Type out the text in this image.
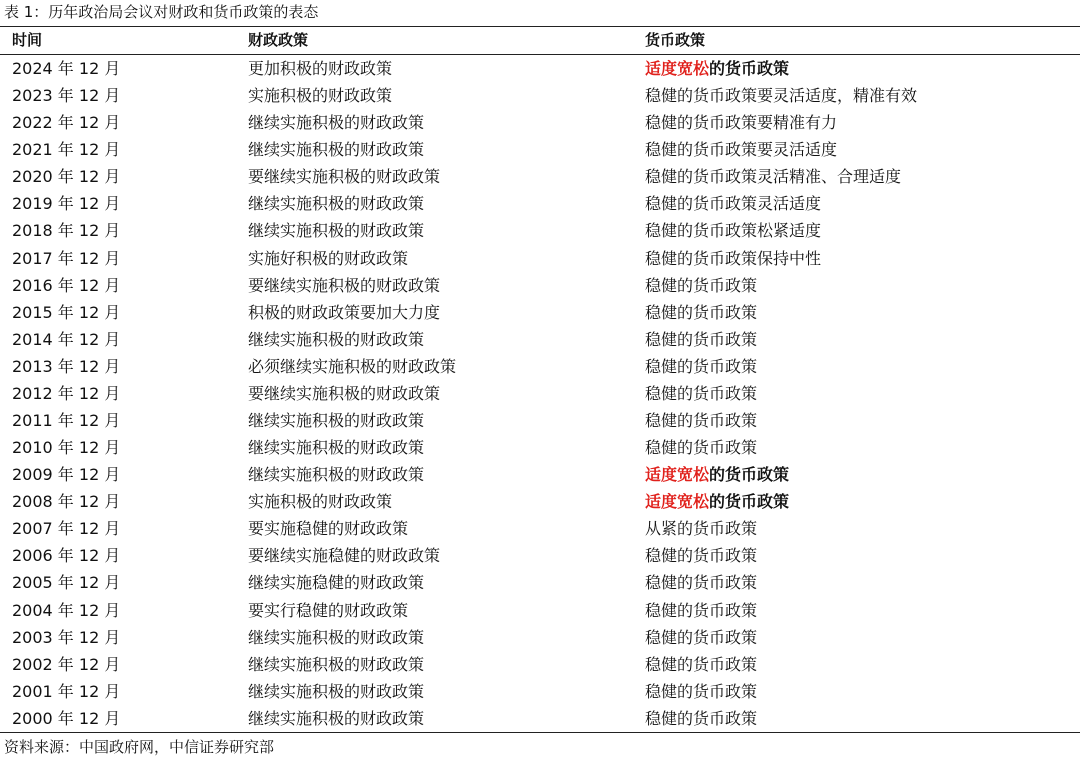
表 1：历年政治局会议对财政和货币政策的表态
时间	财政政策	货币政策
2024 年 12 月	更加积极的财政政策	适度宽松的货币政策
2023 年 12 月	实施积极的财政政策	稳健的货币政策要灵活适度，精准有效
2022 年 12 月	继续实施积极的财政政策	稳健的货币政策要精准有力
2021 年 12 月	继续实施积极的财政政策	稳健的货币政策要灵活适度
2020 年 12 月	要继续实施积极的财政政策	稳健的货币政策灵活精准、合理适度
2019 年 12 月	继续实施积极的财政政策	稳健的货币政策灵活适度
2018 年 12 月	继续实施积极的财政政策	稳健的货币政策松紧适度
2017 年 12 月	实施好积极的财政政策	稳健的货币政策保持中性
2016 年 12 月	要继续实施积极的财政政策	稳健的货币政策
2015 年 12 月	积极的财政政策要加大力度	稳健的货币政策
2014 年 12 月	继续实施积极的财政政策	稳健的货币政策
2013 年 12 月	必须继续实施积极的财政政策	稳健的货币政策
2012 年 12 月	要继续实施积极的财政政策	稳健的货币政策
2011 年 12 月	继续实施积极的财政政策	稳健的货币政策
2010 年 12 月	继续实施积极的财政政策	稳健的货币政策
2009 年 12 月	继续实施积极的财政政策	适度宽松的货币政策
2008 年 12 月	实施积极的财政政策	适度宽松的货币政策
2007 年 12 月	要实施稳健的财政政策	从紧的货币政策
2006 年 12 月	要继续实施稳健的财政政策	稳健的货币政策
2005 年 12 月	继续实施稳健的财政政策	稳健的货币政策
2004 年 12 月	要实行稳健的财政政策	稳健的货币政策
2003 年 12 月	继续实施积极的财政政策	稳健的货币政策
2002 年 12 月	继续实施积极的财政政策	稳健的货币政策
2001 年 12 月	继续实施积极的财政政策	稳健的货币政策
2000 年 12 月	继续实施积极的财政政策	稳健的货币政策
资料来源：中国政府网，中信证券研究部
